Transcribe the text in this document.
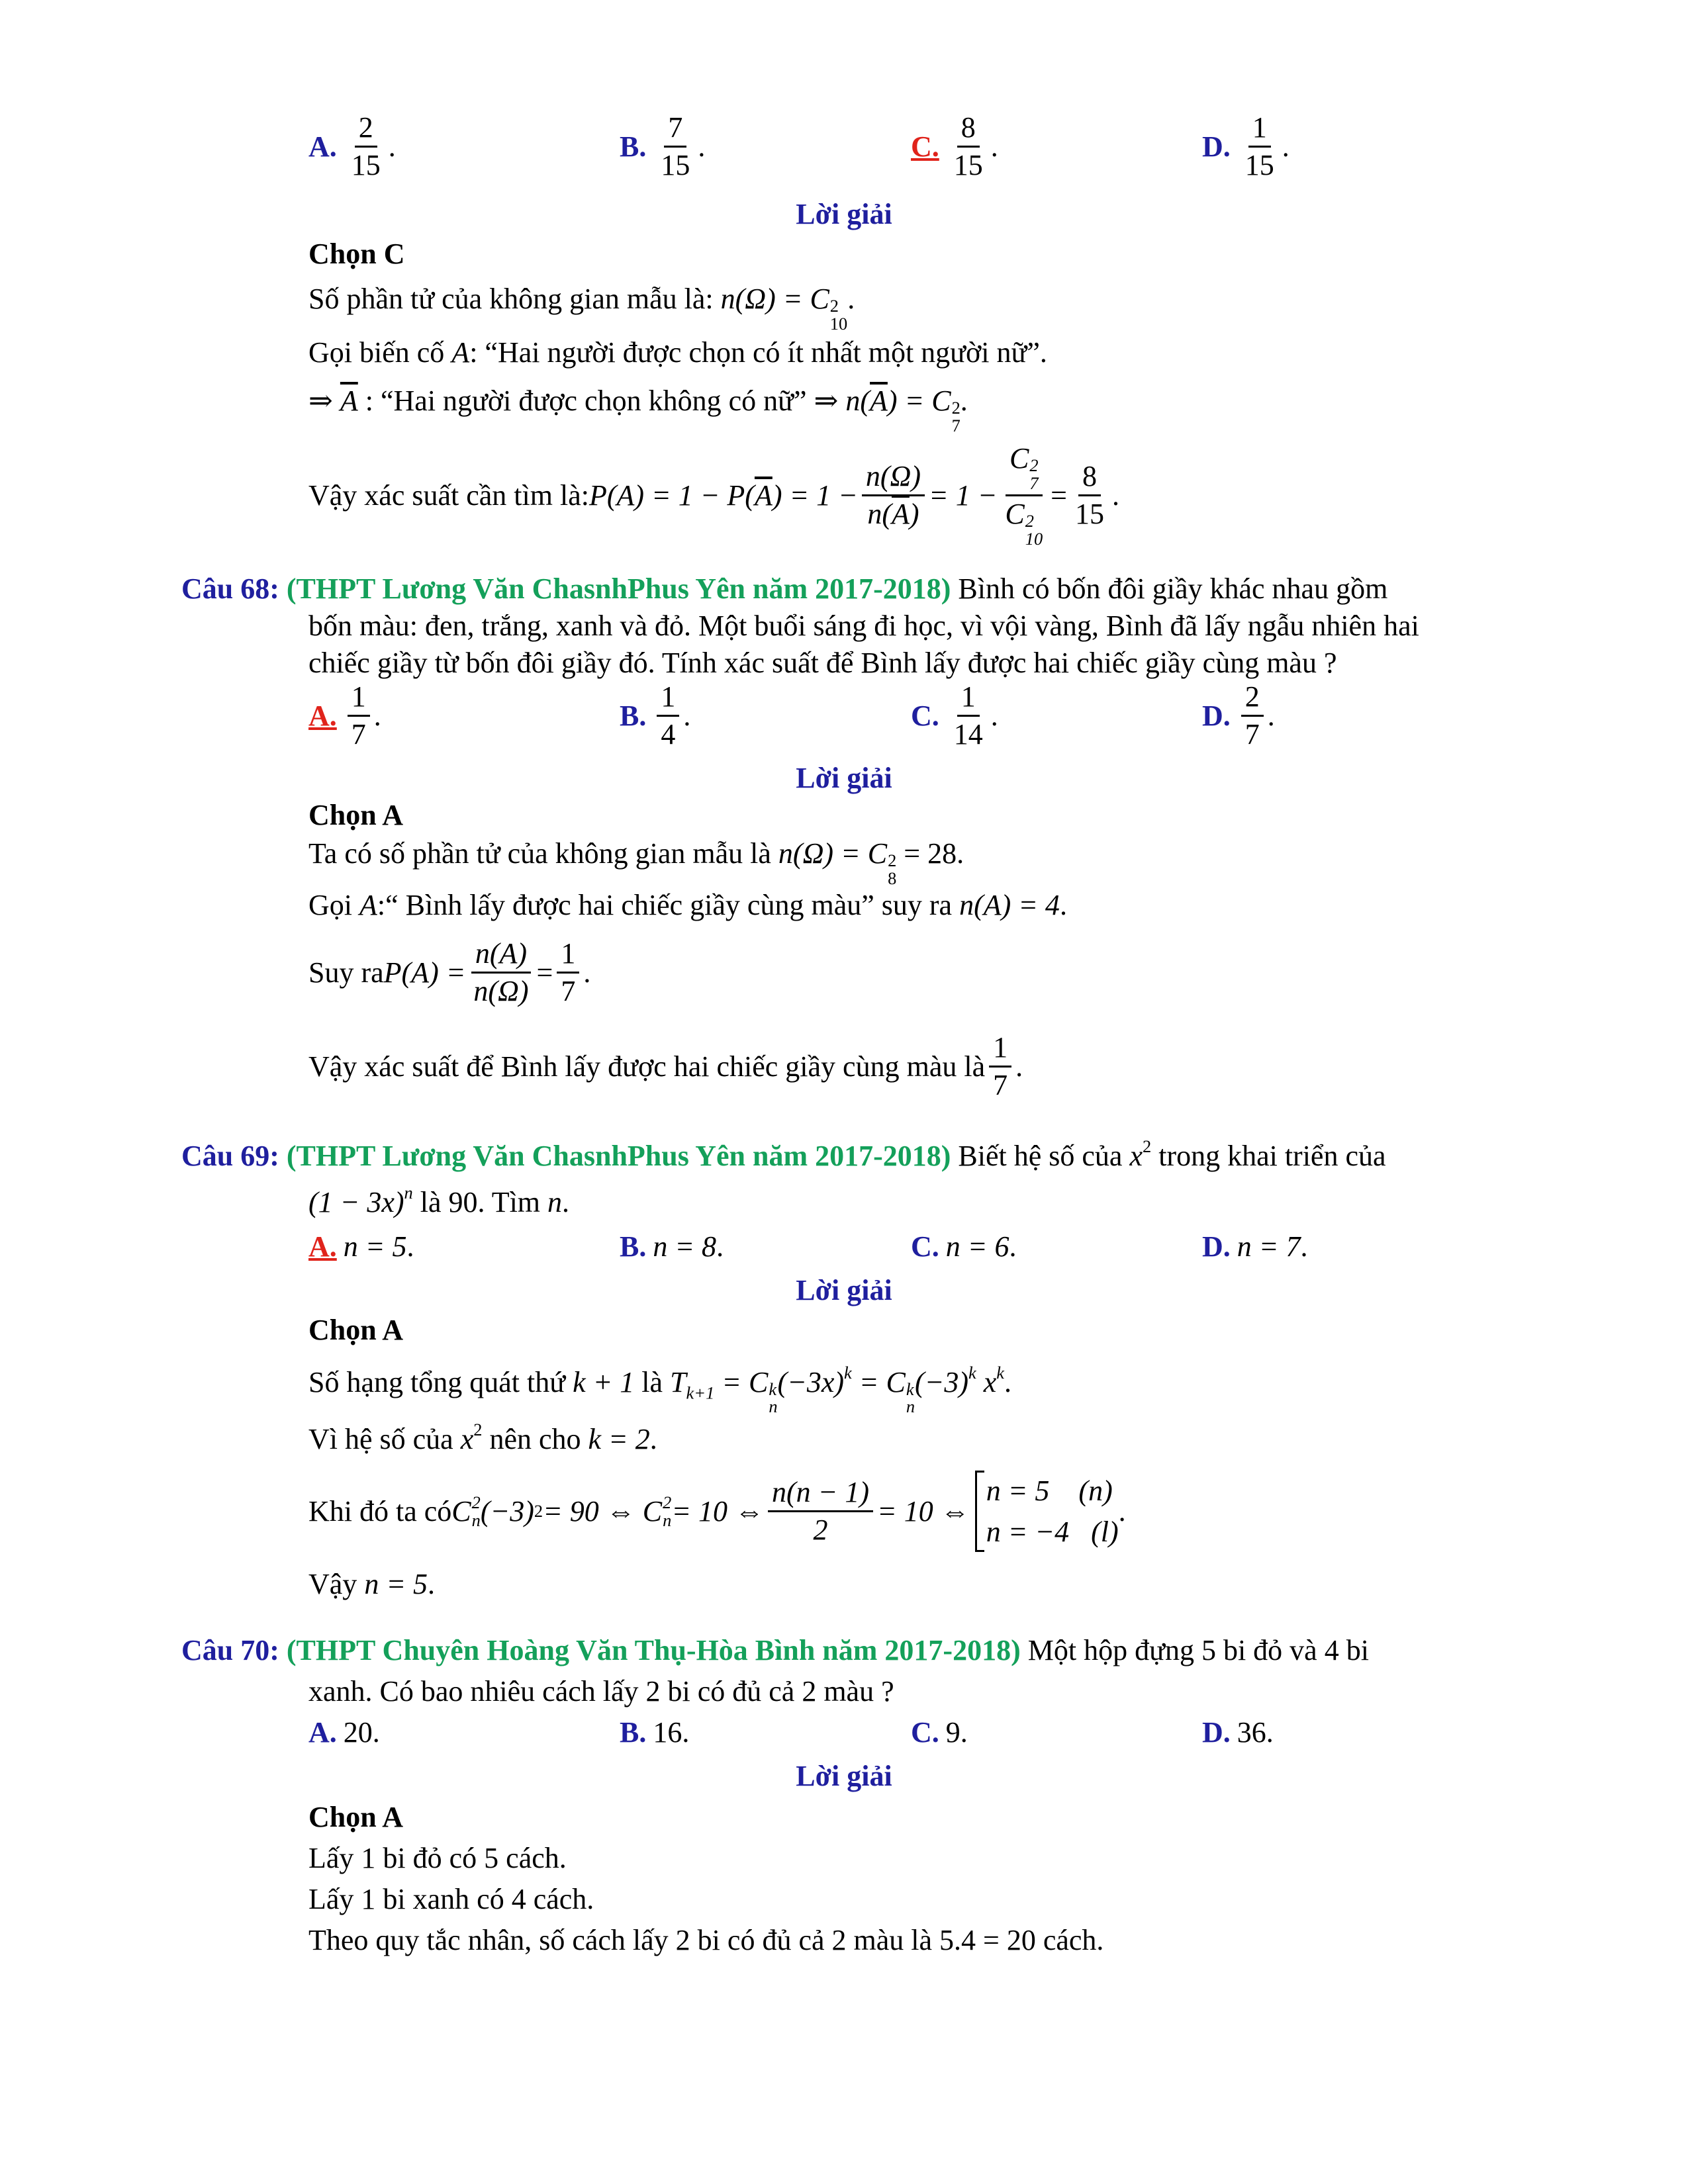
A. $\frac{2}{15}$ .	B. $\frac{7}{15}$ .	C. $\frac{8}{15}$ .	D. $\frac{1}{15}$ .
Lời giải
Chọn C
Số phần tử của không gian mẫu là: n(Ω) = C 2
10
.
Gọi biến cố A: “Hai người được chọn có ít nhất một người nữ”.
⇒ $\overline{A}$ : “Hai người được chọn không có nữ” ⇒ $n(\overline{A}) = C$ 2
7
.
Vậy xác suất cần tìm là: P(A) = 1 − P( $\overline{A}$ ) = $1 - \frac{n(\Omega)}{n(\overline{A})} = 1 - C$ 2
7
C 2
$10 = \frac{8}{15}$ .
Câu 68: (THPT Lương Văn ChasnhPhus Yên năm 2017-2018) Bình có bốn đôi giầy khác nhau gồm
bốn màu: đen, trắng, xanh và đỏ. Một buổi sáng đi học, vì vội vàng, Bình đã lấy ngẫu nhiên hai
chiếc giầy từ bốn đôi giầy đó. Tính xác suất để Bình lấy được hai chiếc giầy cùng màu ?
A. $\frac{1}{7}$ .	B. $\frac{1}{4}$ .	C. $\frac{1}{14}$ .	D. $\frac{2}{7}$ .
Lời giải
Chọn A
Ta có số phần tử của không gian mẫu là n(Ω) = C 2
8
= 28.
Gọi A:“ Bình lấy được hai chiếc giầy cùng màu” suy ra n(A) = 4.
Suy ra $P(A) = \frac{n(A)}{n(\Omega)} = \frac{1}{7}$ .
Vậy xác suất để Bình lấy được hai chiếc giầy cùng màu là $\frac{1}{7}$ .
Câu 69: (THPT Lương Văn ChasnhPhus Yên năm 2017-2018) Biết hệ số của $x^2$ trong khai triển của
$(1 - 3x)^n$ là 90. Tìm n.
A. n = 5 .	B. n = 8 .	C. n = 6 .	D. n = 7 .
Lời giải
Chọn A
Số hạng tổng quát thứ k + 1 là $T_{k+1} = C$ k
n
$(-3x)^k = C$ k
n
$(-3)^k$ $x^k$.
Vì hệ số của $x^2$ nên cho k = 2.
Khi đó ta có C 2
n (−3) 2 = 90 ⇔ C 2
n = 10 ⇔ $\frac{n(n - 1)}{2} = 10$ ⇔
n = 5    (n)
n = −4   (l)
.
Vậy n = 5.
Câu 70: (THPT Chuyên Hoàng Văn Thụ-Hòa Bình năm 2017-2018) Một hộp đựng 5 bi đỏ và 4 bi
xanh. Có bao nhiêu cách lấy 2 bi có đủ cả 2 màu ?
A. 20 .	B. 16 .	C. 9 .	D. 36 .
Lời giải
Chọn A
Lấy 1 bi đỏ có 5 cách.
Lấy 1 bi xanh có 4 cách.
Theo quy tắc nhân, số cách lấy 2 bi có đủ cả 2 màu là 5.4 = 20 cách.
